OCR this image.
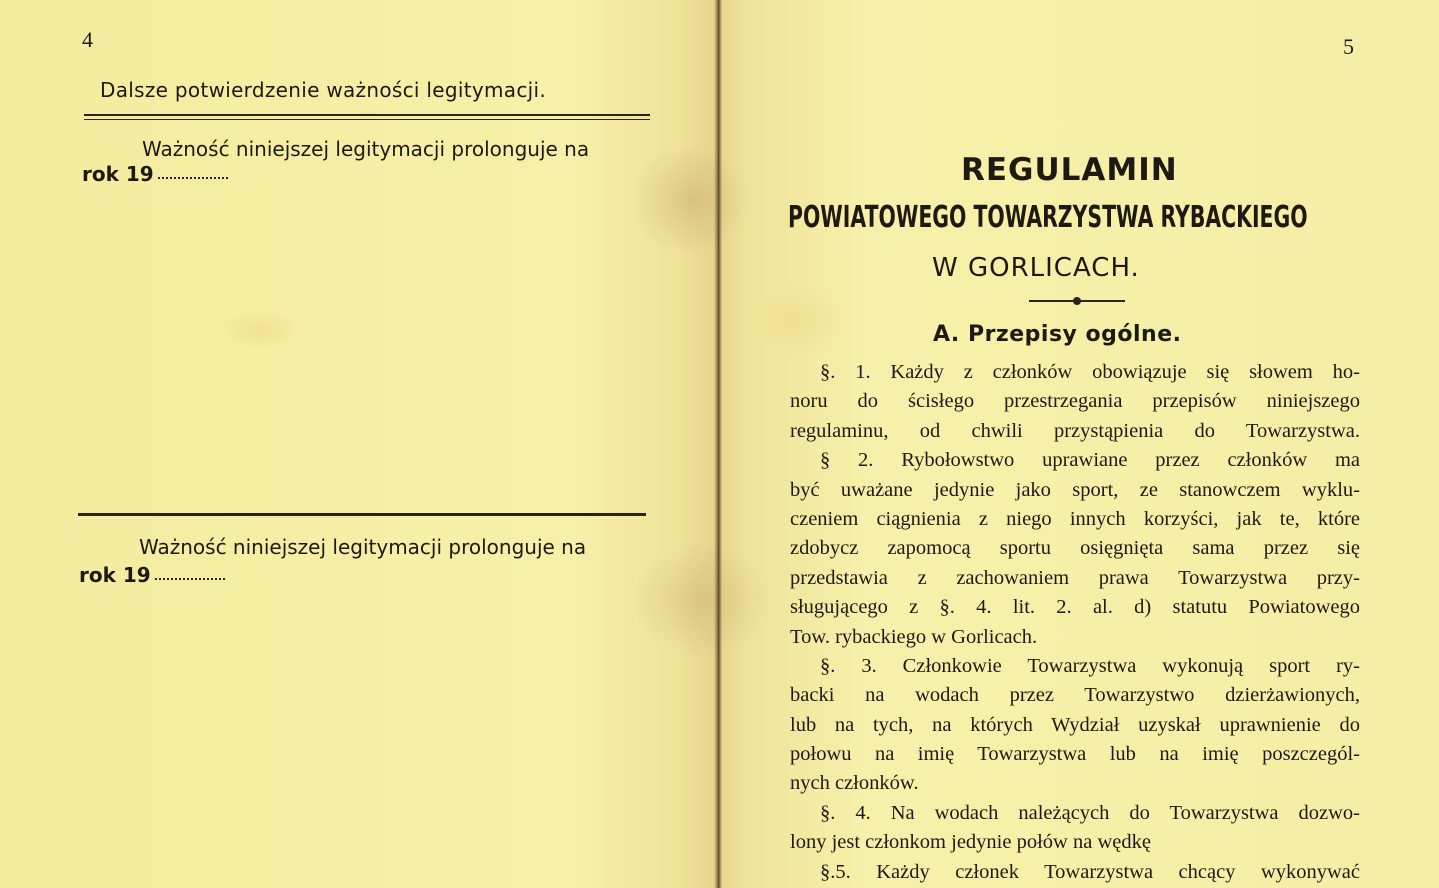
4
Dalsze potwierdzenie ważności legitymacji.
Ważność niniejszej legitymacji prolonguje na
rok 19
Ważność niniejszej legitymacji prolonguje na
rok 19
5
REGULAMIN
POWIATOWEGO TOWARZYSTWA RYBACKIEGO
W GORLICACH.
A. Przepisy ogólne.
§. 1. Każdy z członków obowiązuje się słowem ho-
noru do ścisłego przestrzegania przepisów niniejszego
regulaminu, od chwili przystąpienia do Towarzystwa.
§ 2. Rybołowstwo uprawiane przez członków ma
być uważane jedynie jako sport, ze stanowczem wyklu-
czeniem ciągnienia z niego innych korzyści, jak te, które
zdobycz zapomocą sportu osięgnięta sama przez się
przedstawia z zachowaniem prawa Towarzystwa przy-
sługującego z §. 4. lit. 2. al. d) statutu Powiatowego
Tow. rybackiego w Gorlicach.
§. 3. Członkowie Towarzystwa wykonują sport ry-
backi na wodach przez Towarzystwo dzierżawionych,
lub na tych, na których Wydział uzyskał uprawnienie do
połowu na imię Towarzystwa lub na imię poszczegól-
nych członków.
§. 4. Na wodach należących do Towarzystwa dozwo-
lony jest członkom jedynie połów na wędkę
§.5. Każdy członek Towarzystwa chcący wykonywać
